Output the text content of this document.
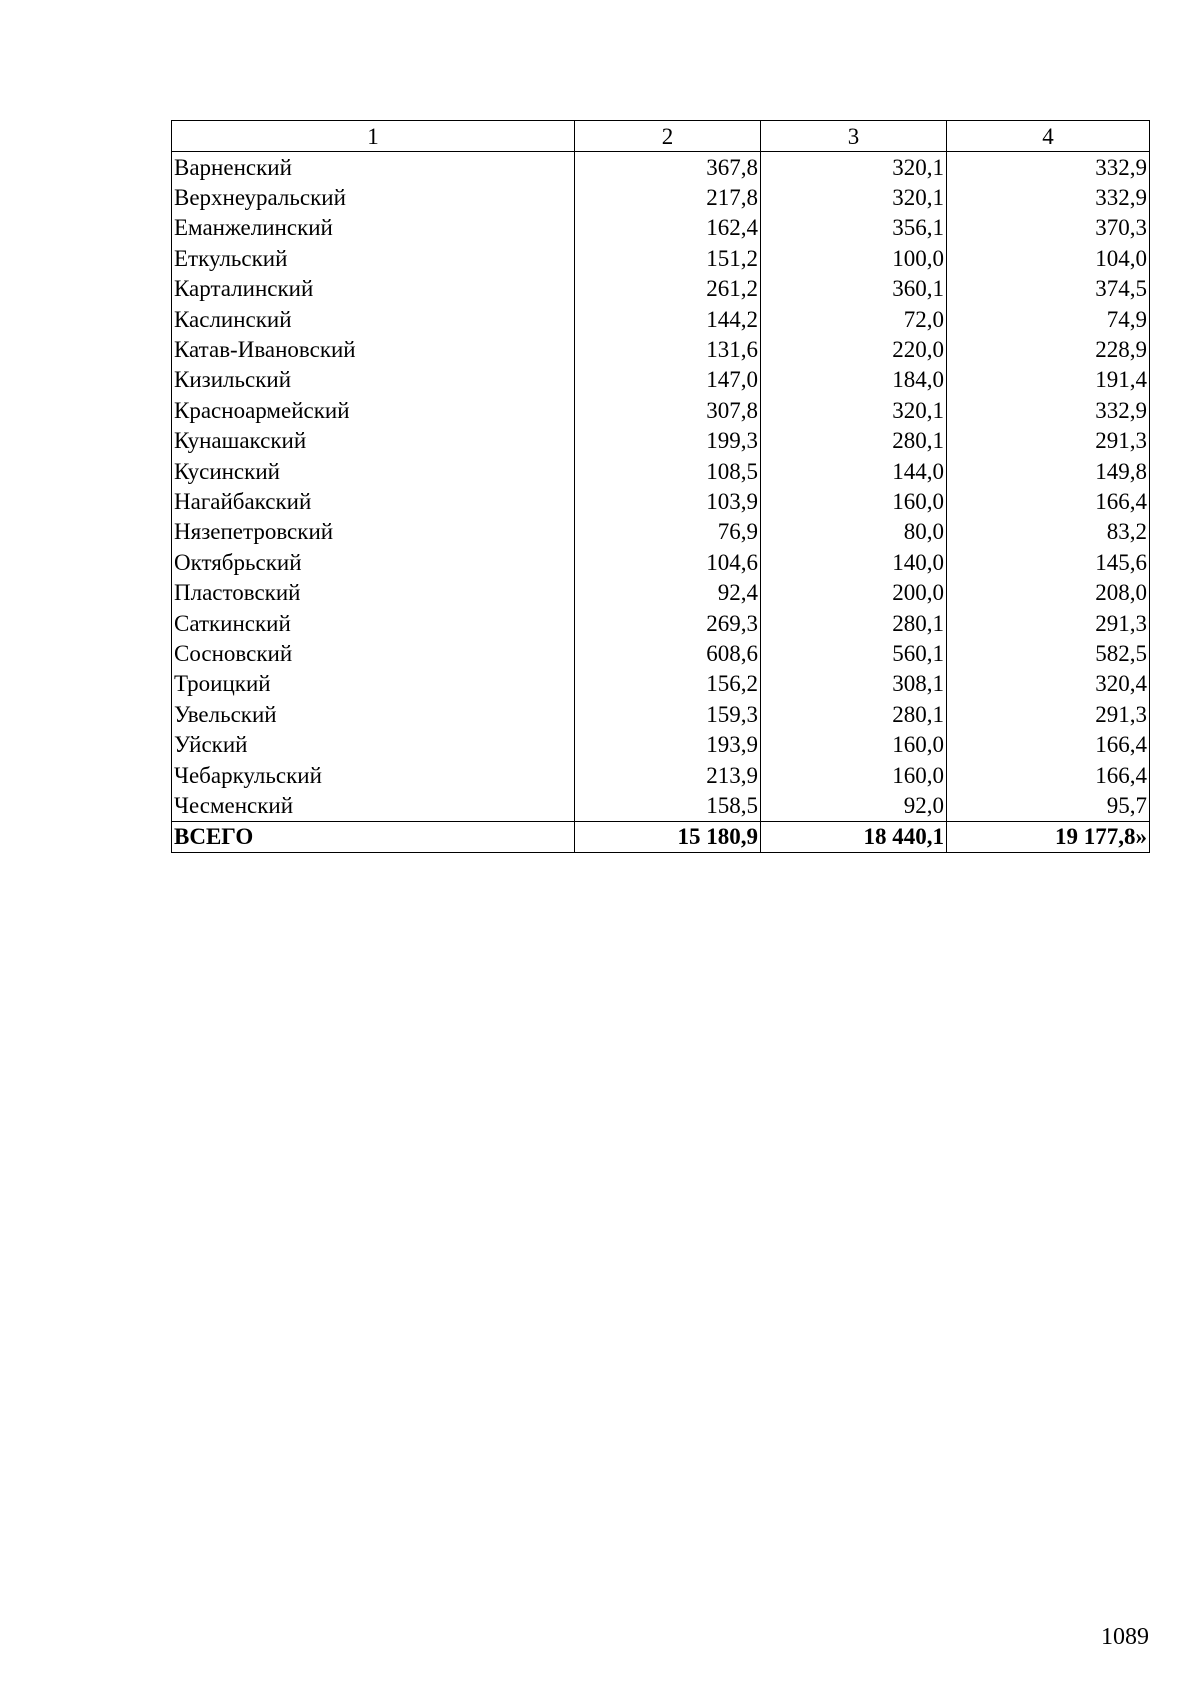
1	2	3	4
Варненский	367,8	320,1	332,9
Верхнеуральский	217,8	320,1	332,9
Еманжелинский	162,4	356,1	370,3
Еткульский	151,2	100,0	104,0
Карталинский	261,2	360,1	374,5
Каслинский	144,2	72,0	74,9
Катав-Ивановский	131,6	220,0	228,9
Кизильский	147,0	184,0	191,4
Красноармейский	307,8	320,1	332,9
Кунашакский	199,3	280,1	291,3
Кусинский	108,5	144,0	149,8
Нагайбакский	103,9	160,0	166,4
Нязепетровский	76,9	80,0	83,2
Октябрьский	104,6	140,0	145,6
Пластовский	92,4	200,0	208,0
Саткинский	269,3	280,1	291,3
Сосновский	608,6	560,1	582,5
Троицкий	156,2	308,1	320,4
Увельский	159,3	280,1	291,3
Уйский	193,9	160,0	166,4
Чебаркульский	213,9	160,0	166,4
Чесменский	158,5	92,0	95,7
ВСЕГО	15 180,9	18 440,1	19 177,8»
1089
